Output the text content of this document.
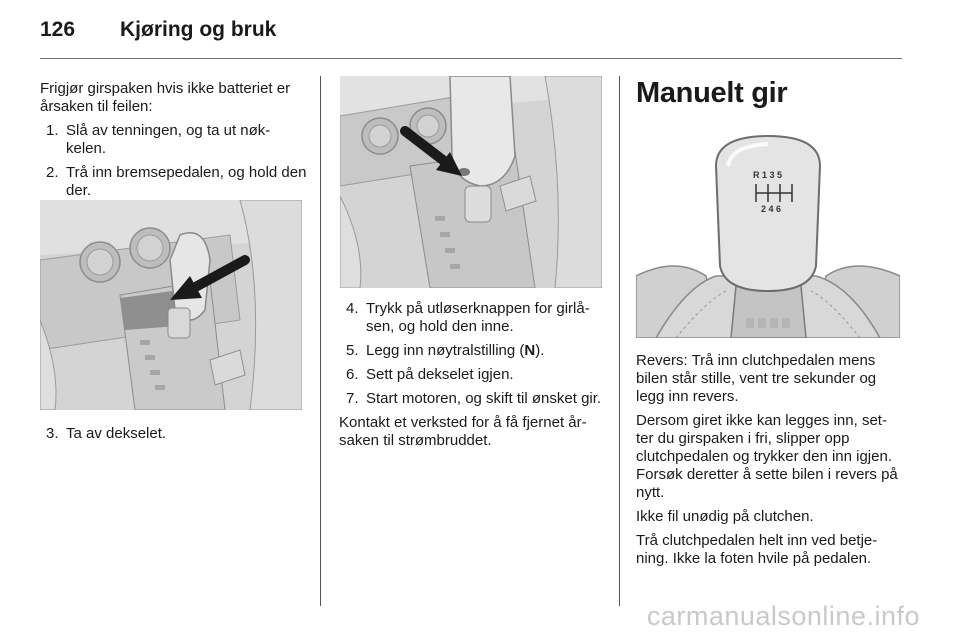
126	Kjøring og bruk

Frigjør girspaken hvis ikke batteriet er årsaken til feilen:

1. Slå av tenningen, og ta ut nøk-kelen.
2. Trå inn bremsepedalen, og hold den der.
3. Ta av dekselet.
4. Trykk på utløserknappen for girlå-sen, og hold den inne.
5. Legg inn nøytralstilling (N).
6. Sett på dekselet igjen.
7. Start motoren, og skift til ønsket gir.

Kontakt et verksted for å få fjernet år-saken til strømbruddet.

Manuelt gir
R 1 3 5
2 4 6

Revers: Trå inn clutchpedalen mens bilen står stille, vent tre sekunder og legg inn revers.

Dersom giret ikke kan legges inn, set-ter du girspaken i fri, slipper opp clutchpedalen og trykker den inn igjen. Forsøk deretter å sette bilen i revers på nytt.

Ikke fil unødig på clutchen.

Trå clutchpedalen helt inn ved betje-ning. Ikke la foten hvile på pedalen.

carmanualsonline.info
